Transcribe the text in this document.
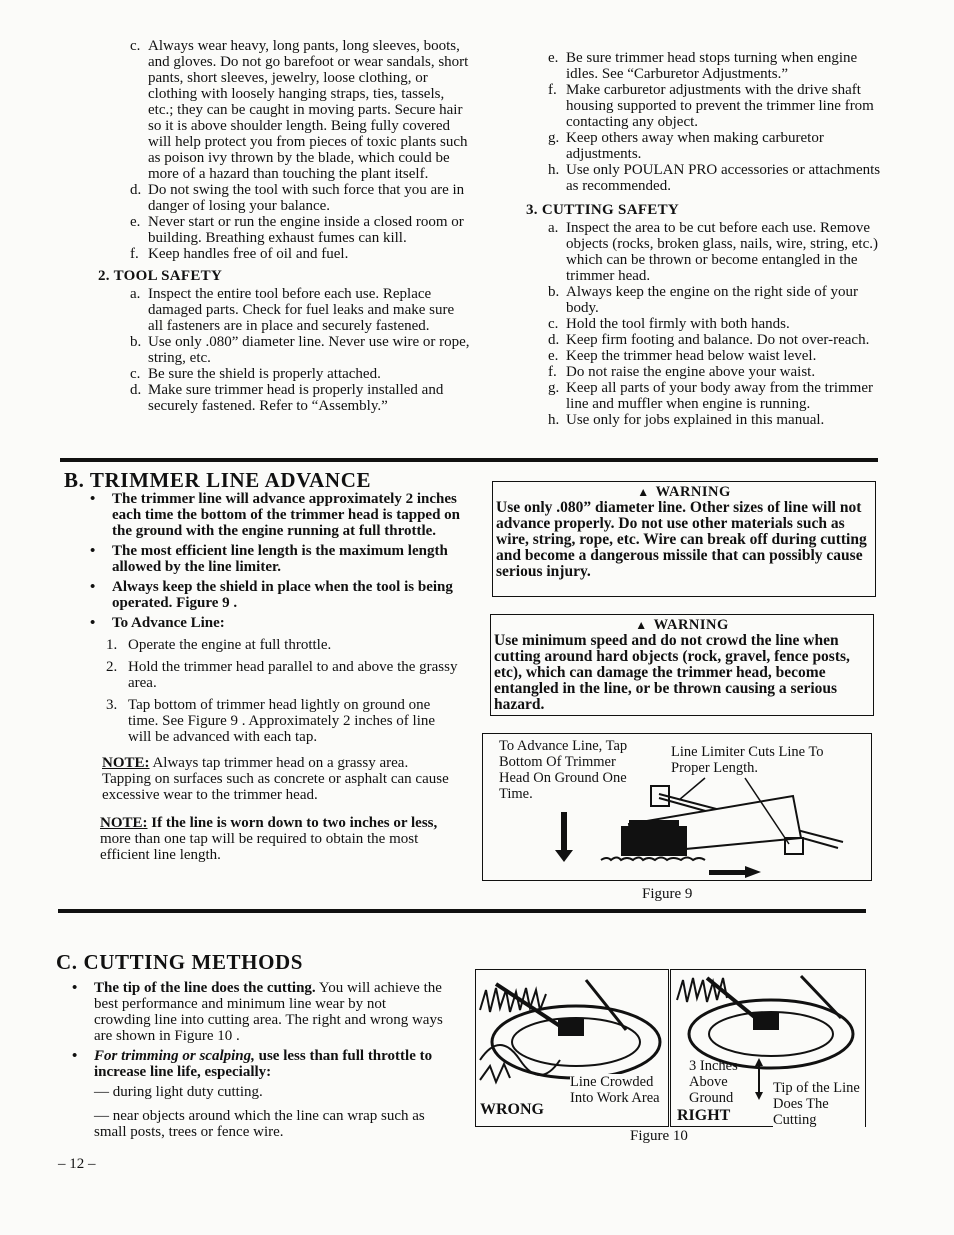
c. Always wear heavy, long pants, long sleeves, boots, and gloves. Do not go barefoot or wear sandals, short pants, short sleeves, jewelry, loose clothing, or clothing with loosely hanging straps, ties, tassels, etc.; they can be caught in moving parts. Secure hair so it is above shoulder length. Being fully covered will help protect you from pieces of toxic plants such as poison ivy thrown by the blade, which could be more of a hazard than touching the plant itself.
d. Do not swing the tool with such force that you are in danger of losing your balance.
e. Never start or run the engine inside a closed room or building. Breathing exhaust fumes can kill.
f. Keep handles free of oil and fuel.
2. TOOL SAFETY
a. Inspect the entire tool before each use. Replace damaged parts. Check for fuel leaks and make sure all fasteners are in place and securely fastened.
b. Use only .080” diameter line. Never use wire or rope, string, etc.
c. Be sure the shield is properly attached.
d. Make sure trimmer head is properly installed and securely fastened. Refer to “Assembly.”
e. Be sure trimmer head stops turning when engine idles. See “Carburetor Adjustments.”
f. Make carburetor adjustments with the drive shaft housing supported to prevent the trimmer line from contacting any object.
g. Keep others away when making carburetor adjustments.
h. Use only POULAN PRO accessories or attachments as recommended.
3. CUTTING SAFETY
a. Inspect the area to be cut before each use. Remove objects (rocks, broken glass, nails, wire, string, etc.) which can be thrown or become entangled in the trimmer head.
b. Always keep the engine on the right side of your body.
c. Hold the tool firmly with both hands.
d. Keep firm footing and balance. Do not over-reach.
e. Keep the trimmer head below waist level.
f. Do not raise the engine above your waist.
g. Keep all parts of your body away from the trimmer line and muffler when engine is running.
h. Use only for jobs explained in this manual.
B. TRIMMER LINE ADVANCE
•	The trimmer line will advance approximately 2 inches each time the bottom of the trimmer head is tapped on the ground with the engine running at full throttle.
•	The most efficient line length is the maximum length allowed by the line limiter.
•	Always keep the shield in place when the tool is being operated. Figure 9 .
•	To Advance Line:
1. Operate the engine at full throttle.
2. Hold the trimmer head parallel to and above the grassy area.
3. Tap bottom of trimmer head lightly on ground one time. See Figure 9 . Approximately 2 inches of line will be advanced with each tap.
NOTE: Always tap trimmer head on a grassy area. Tapping on surfaces such as concrete or asphalt can cause excessive wear to the trimmer head.
NOTE: If the line is worn down to two inches or less, more than one tap will be required to obtain the most efficient line length.
▲ WARNING
Use only .080” diameter line. Other sizes of line will not advance properly. Do not use other materials such as wire, string, rope, etc. Wire can break off during cutting and become a dangerous missile that can possibly cause serious injury.
▲ WARNING
Use minimum speed and do not crowd the line when cutting around hard objects (rock, gravel, fence posts, etc), which can damage the trimmer head, become entangled in the line, or be thrown causing a serious hazard.
To Advance Line, Tap Bottom Of Trimmer Head On Ground One Time.
Line Limiter Cuts Line To Proper Length.
Figure 9
C. CUTTING METHODS
•	The tip of the line does the cutting. You will achieve the best performance and minimum line wear by not crowding line into cutting area. The right and wrong ways are shown in Figure 10 .
•	For trimming or scalping, use less than full throttle to increase line life, especially:
— during light duty cutting.
— near objects around which the line can wrap such as small posts, trees or fence wire.
WRONG
Line Crowded Into Work Area
3 Inches Above Ground
Tip of the Line Does The Cutting
RIGHT
Figure 10
– 12 –
